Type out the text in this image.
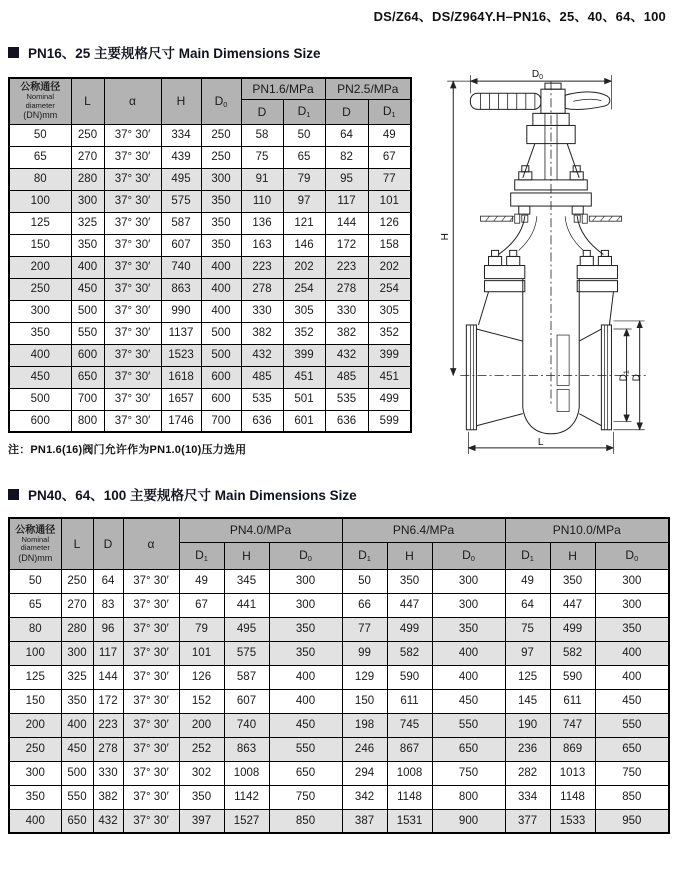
DS/Z64、DS/Z964Y.H–PN16、25、40、64、100
PN16、25 主要规格尺寸 Main Dimensions Size
公称通径
Nominal
diameter
(DN)mm	L	α	H	$D_0$	PN1.6/MPa		PN2.5/MPa	
					D	$D_1$	D	$D_1$
50	250	37° 30′	334	250	58	50	64	49
65	270	37° 30′	439	250	75	65	82	67
80	280	37° 30′	495	300	91	79	95	77
100	300	37° 30′	575	350	110	97	117	101
125	325	37° 30′	587	350	136	121	144	126
150	350	37° 30′	607	350	163	146	172	158
200	400	37° 30′	740	400	223	202	223	202
250	450	37° 30′	863	400	278	254	278	254
300	500	37° 30′	990	400	330	305	330	305
350	550	37° 30′	1137	500	382	352	382	352
400	600	37° 30′	1523	500	432	399	432	399
450	650	37° 30′	1618	600	485	451	485	451
500	700	37° 30′	1657	600	535	501	535	499
600	800	37° 30′	1746	700	636	601	636	599
注：PN1.6(16)阀门允许作为PN1.0(10)压力选用
$D_0$
H
$D_1$
D
L
PN40、64、100 主要规格尺寸 Main Dimensions Size
公称通径
Nominal
diameter
(DN)mm	L	D	α	PN4.0/MPa			PN6.4/MPa			PN10.0/MPa		
				$D_1$	H	$D_0$	$D_1$	H	$D_0$	$D_1$	H	$D_0$
50	250	64	37° 30′	49	345	300	50	350	300	49	350	300
65	270	83	37° 30′	67	441	300	66	447	300	64	447	300
80	280	96	37° 30′	79	495	350	77	499	350	75	499	350
100	300	117	37° 30′	101	575	350	99	582	400	97	582	400
125	325	144	37° 30′	126	587	400	129	590	400	125	590	400
150	350	172	37° 30′	152	607	400	150	611	450	145	611	450
200	400	223	37° 30′	200	740	450	198	745	550	190	747	550
250	450	278	37° 30′	252	863	550	246	867	650	236	869	650
300	500	330	37° 30′	302	1008	650	294	1008	750	282	1013	750
350	550	382	37° 30′	350	1142	750	342	1148	800	334	1148	850
400	650	432	37° 30′	397	1527	850	387	1531	900	377	1533	950
